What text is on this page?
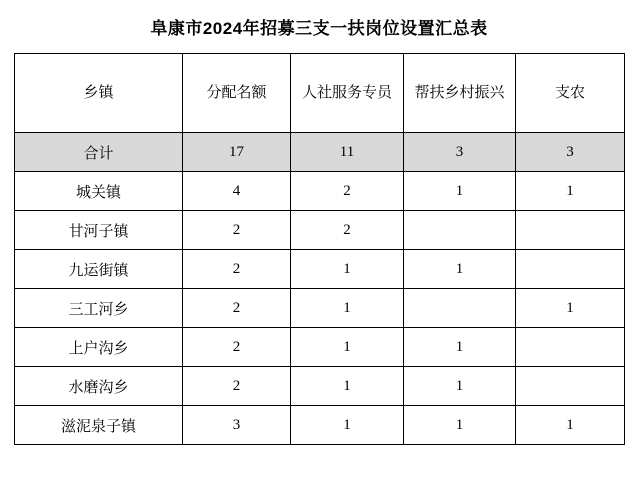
阜康市2024年招募三支一扶岗位设置汇总表
乡镇	分配名额	人社服务专员	帮扶乡村振兴	支农
合计	17	11	3	3
城关镇	4	2	1	1
甘河子镇	2	2		
九运街镇	2	1	1	
三工河乡	2	1		1
上户沟乡	2	1	1	
水磨沟乡	2	1	1	
滋泥泉子镇	3	1	1	1
